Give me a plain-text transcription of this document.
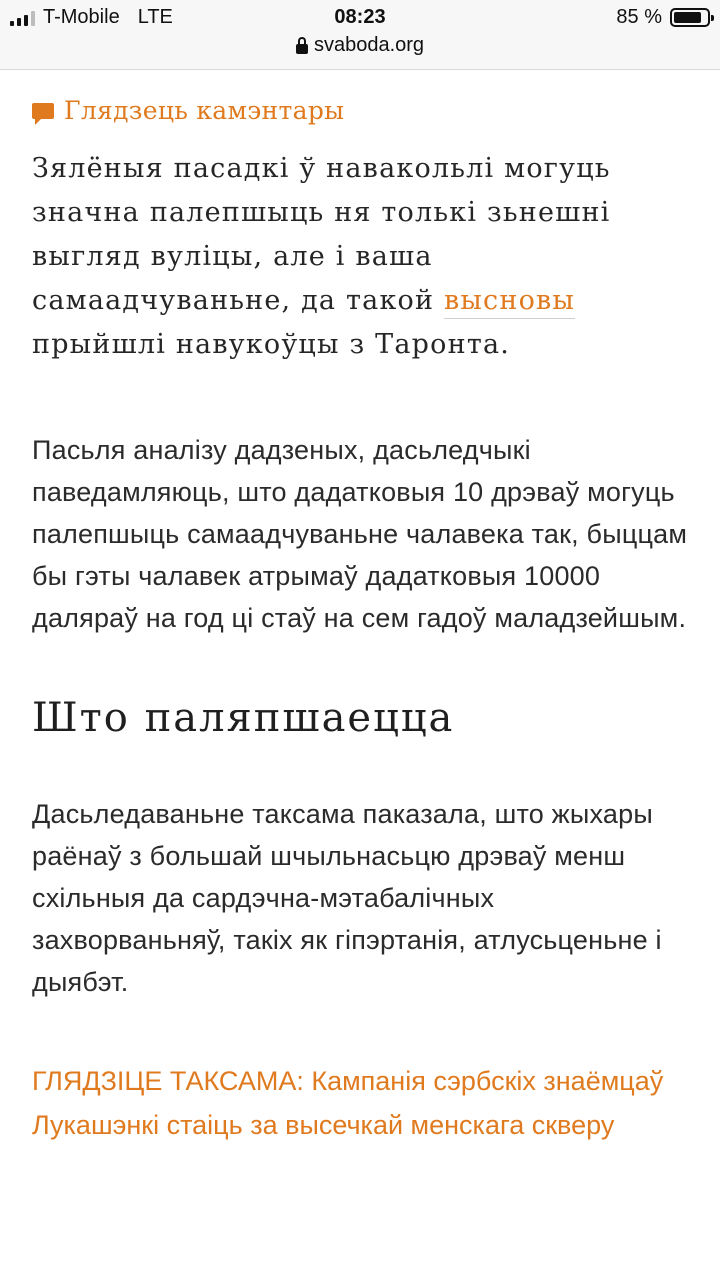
T-Mobile LTE	08:23	85 %
svaboda.org
Глядзець камэнтары

Зялёныя пасадкі ў навакольлі могуць значна палепшыць ня толькі зьнешні выгляд вуліцы, але і ваша самаадчуваньне, да такой высновы прыйшлі навукоўцы з Таронта.

Пасьля аналізу дадзеных, дасьледчыкі паведамляюць, што дадатковыя 10 дрэваў могуць палепшыць самаадчуваньне чалавека так, быццам бы гэты чалавек атрымаў дадатковыя 10000 даляраў на год ці стаў на сем гадоў маладзейшым.

Што паляпшаецца

Дасьледаваньне таксама паказала, што жыхары раёнаў з большай шчыльнасьцю дрэваў менш схільныя да сардэчна-мэтабалічных захворваньняў, такіх як гіпэртанія, атлусьценьне і дыябэт.

ГЛЯДЗІЦЕ ТАКСАМА: Кампанія сэрбскіх знаёмцаў Лукашэнкі стаіць за высечкай менскага скверу
